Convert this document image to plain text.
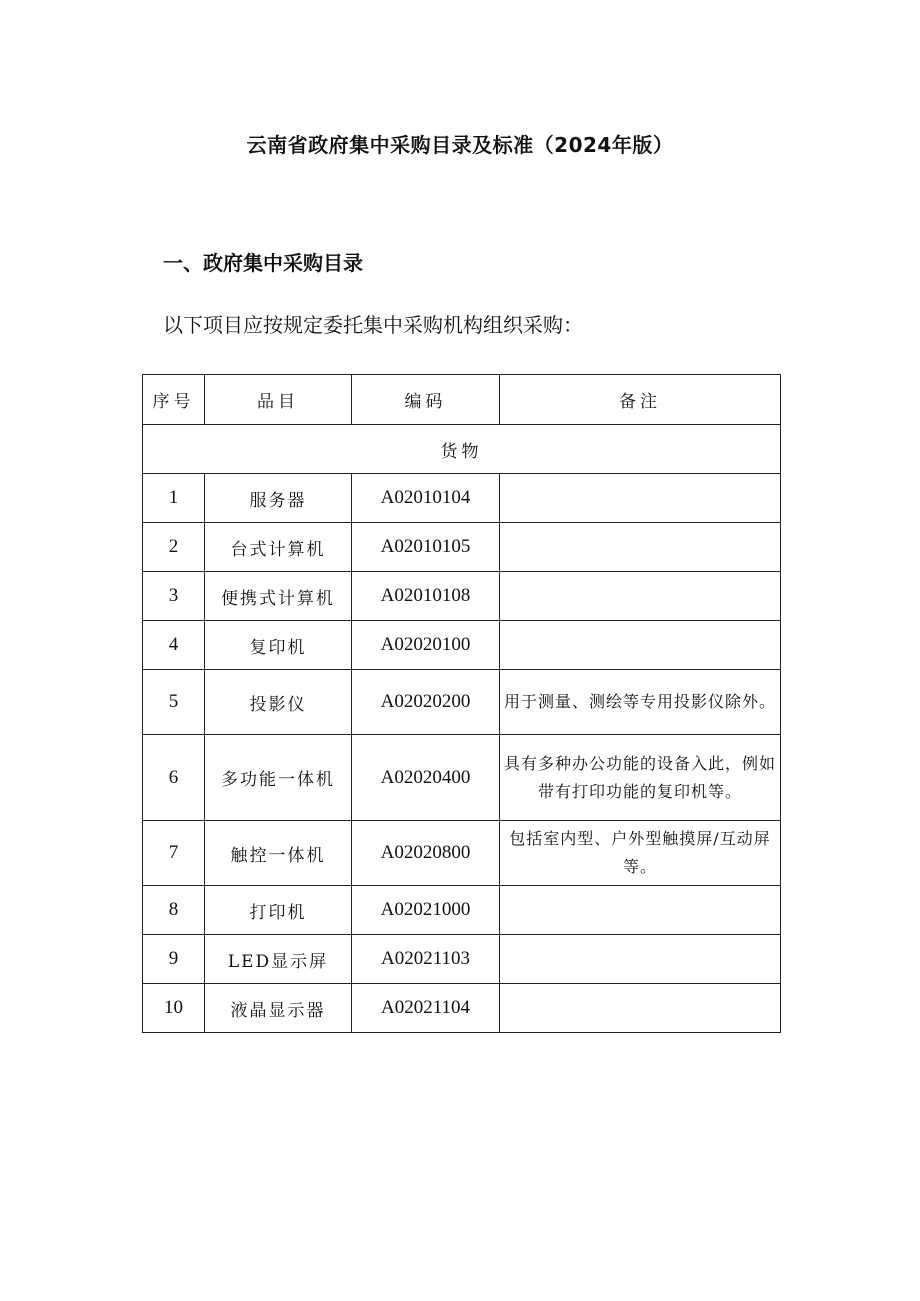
云南省政府集中采购目录及标准（2024年版）
一、政府集中采购目录
以下项目应按规定委托集中采购机构组织采购：
序号	品目	编码	备注
货物			
1	服务器	A02010104	
2	台式计算机	A02010105	
3	便携式计算机	A02010108	
4	复印机	A02020100	
5	投影仪	A02020200	用于测量、测绘等专用投影仪除外。
6	多功能一体机	A02020400	具有多种办公功能的设备入此，例如带有打印功能的复印机等。
7	触控一体机	A02020800	包括室内型、户外型触摸屏/互动屏等。
8	打印机	A02021000	
9	LED显示屏	A02021103	
10	液晶显示器	A02021104	
